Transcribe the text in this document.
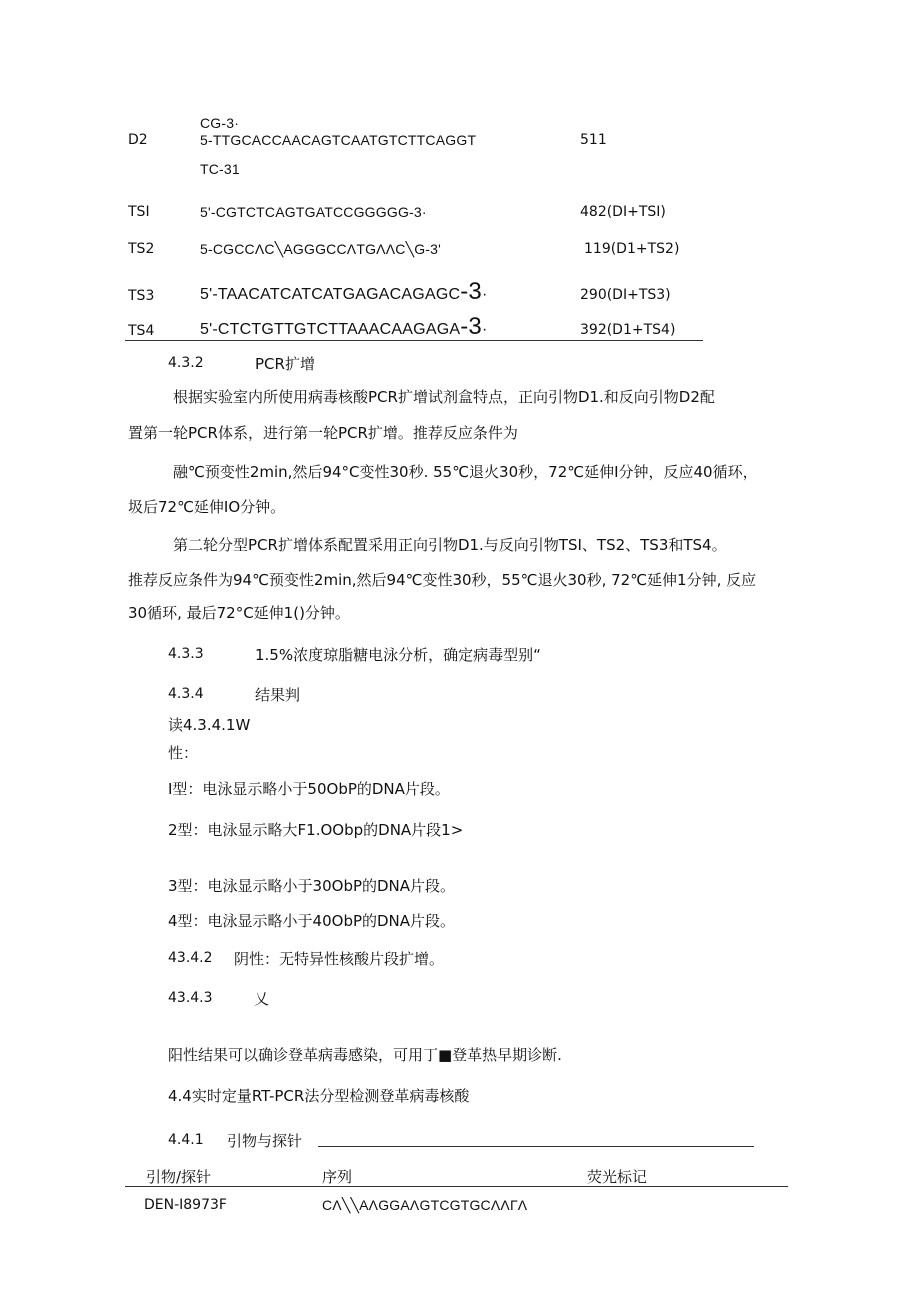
CG-3·
D2	5-TTGCACCAACAGTCAATGTCTTCAGGT	511
TC-31
TSI	5'-CGTCTCAGTGATCCGGGGG-3·	482(DI+TSI)
TS2	5-CGCCΛC╲AGGGCCΛTGΛΛC╲G-3'	119(D1+TS2)
TS3	5'-TAACATCATCATGAGACAGAGC-3·	290(DI+TS3)
TS4	5'-CTCTGTTGTCTTAAACAAGAGA-3·	392(D1+TS4)
4.3.2	PCR扩增
根据实验室内所使用病毒核酸PCR扩增试剂盒特点，正向引物D1.和反向引物D2配
置第一轮PCR体系，进行第一轮PCR扩增。推荐反应条件为
融℃预变性2min,然后94°C变性30秒. 55℃退火30秒，72℃延伸I分钟，反应40循环，
圾后72℃延伸IO分钟。
第二轮分型PCR扩增体系配置采用正向引物D1.与反向引物TSI、TS2、TS3和TS4。
推荐反应条件为94℃预变性2min,然后94℃变性30秒，55℃退火30秒, 72℃延伸1分钟, 反应
30循环, 最后72°C延伸1()分钟。
4.3.3	1.5%浓度琼脂糖电泳分析，确定病毒型别“
4.3.4	结果判
读4.3.4.1W
性：
I型：电泳显示略小于50ObP的DNA片段。
2型：电泳显示略大F1.OObp的DNA片段1>
3型：电泳显示略小于30ObP的DNA片段。
4型：电泳显示略小于40ObP的DNA片段。
43.4.2 阴性：无特异性核酸片段扩增。
43.4.3	乂
阳性结果可以确诊登革病毒感染，可用丁■登革热早期诊断.
4.4实时定量RT-PCR法分型检测登革病毒核酸
4.4.1 引物与探针
引物/探针	序列	荧光标记
DEN-I8973F	CΛ╲╲AΛGGAΛGTCGTGCΛΛГΛ
